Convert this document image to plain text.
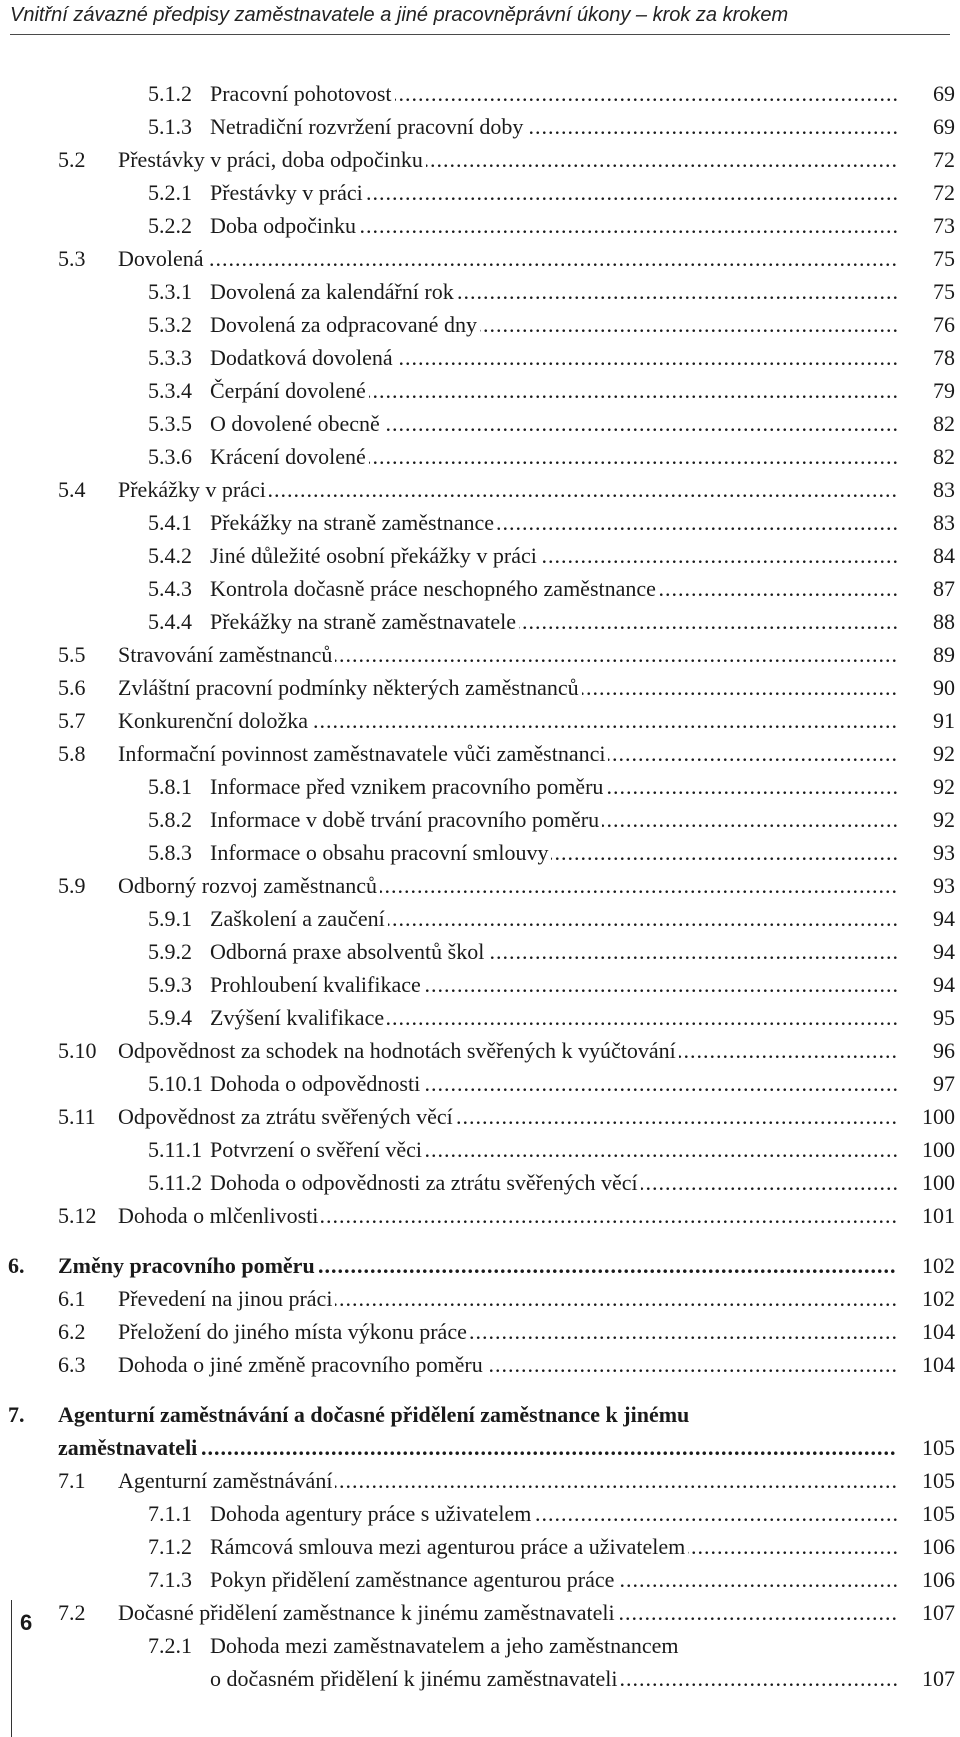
Vnitřní závazné předpisy zaměstnavatele a jiné pracovněprávní úkony – krok za krokem
5.1.2 Pracovní pohotovost .....	69
5.1.3 Netradiční rozvržení pracovní doby .....	69
5.2 Přestávky v práci, doba odpočinku .....	72
5.2.1 Přestávky v práci .....	72
5.2.2 Doba odpočinku .....	73
5.3 Dovolená .....	75
5.3.1 Dovolená za kalendářní rok .....	75
5.3.2 Dovolená za odpracované dny .....	76
5.3.3 Dodatková dovolená .....	78
5.3.4 Čerpání dovolené .....	79
5.3.5 O dovolené obecně .....	82
5.3.6 Krácení dovolené .....	82
5.4 Překážky v práci .....	83
5.4.1 Překážky na straně zaměstnance .....	83
5.4.2 Jiné důležité osobní překážky v práci .....	84
5.4.3 Kontrola dočasně práce neschopného zaměstnance .....	87
5.4.4 Překážky na straně zaměstnavatele .....	88
5.5 Stravování zaměstnanců .....	89
5.6 Zvláštní pracovní podmínky některých zaměstnanců .....	90
5.7 Konkurenční doložka .....	91
5.8 Informační povinnost zaměstnavatele vůči zaměstnanci .....	92
5.8.1 Informace před vznikem pracovního poměru .....	92
5.8.2 Informace v době trvání pracovního poměru .....	92
5.8.3 Informace o obsahu pracovní smlouvy .....	93
5.9 Odborný rozvoj zaměstnanců .....	93
5.9.1 Zaškolení a zaučení .....	94
5.9.2 Odborná praxe absolventů škol .....	94
5.9.3 Prohloubení kvalifikace .....	94
5.9.4 Zvýšení kvalifikace .....	95
5.10 Odpovědnost za schodek na hodnotách svěřených k vyúčtování .....	96
5.10.1 Dohoda o odpovědnosti .....	97
5.11 Odpovědnost za ztrátu svěřených věcí .....	100
5.11.1 Potvrzení o svěření věci .....	100
5.11.2 Dohoda o odpovědnosti za ztrátu svěřených věcí .....	100
5.12 Dohoda o mlčenlivosti .....	101
6. Změny pracovního poměru .....	102
6.1 Převedení na jinou práci .....	102
6.2 Přeložení do jiného místa výkonu práce .....	104
6.3 Dohoda o jiné změně pracovního poměru .....	104
7. Agenturní zaměstnávání a dočasné přidělení zaměstnance k jinému
zaměstnavateli .....	105
7.1 Agenturní zaměstnávání .....	105
7.1.1 Dohoda agentury práce s uživatelem .....	105
7.1.2 Rámcová smlouva mezi agenturou práce a uživatelem .....	106
7.1.3 Pokyn přidělení zaměstnance agenturou práce .....	106
7.2 Dočasné přidělení zaměstnance k jinému zaměstnavateli .....	107
7.2.1 Dohoda mezi zaměstnavatelem a jeho zaměstnancem
o dočasném přidělení k jinému zaměstnavateli .....	107
6
